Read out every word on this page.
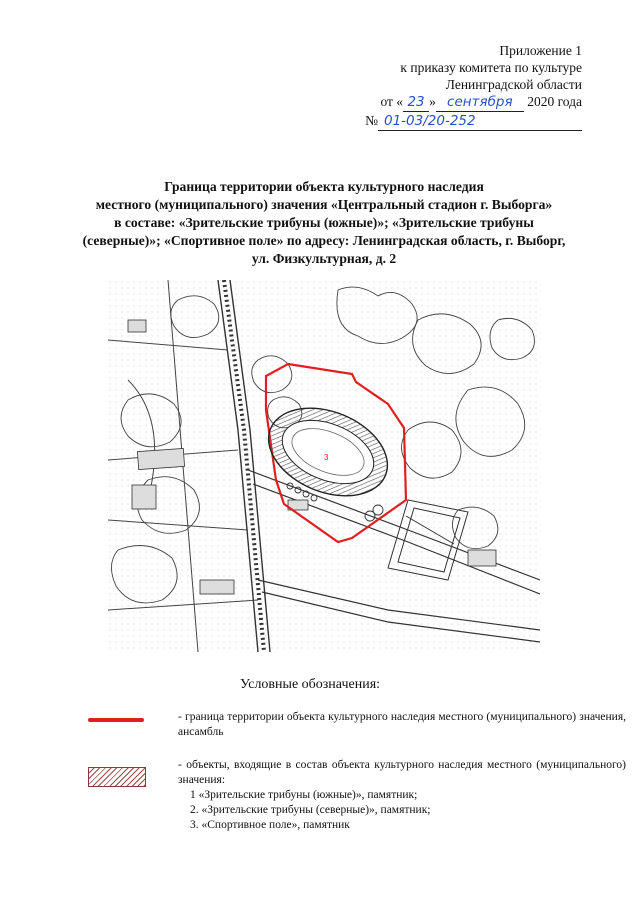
Приложение 1
к приказу комитета по культуре
Ленинградской области
от « 23 » сентября 2020 года
№ 01-03/20-252
Граница территории объекта культурного наследия
местного (муниципального) значения «Центральный стадион г. Выборга»
в составе: «Зрительские трибуны (южные)»; «Зрительские трибуны
(северные)»; «Спортивное поле» по адресу: Ленинградская область, г. Выборг,
ул. Физкультурная, д. 2
3
Условные обозначения:
- граница территории объекта культурного наследия местного (муниципального) значения, ансамбль
- объекты, входящие в состав объекта культурного наследия местного (муниципального) значения:
1 «Зрительские трибуны (южные)», памятник;
2. «Зрительские трибуны (северные)», памятник;
3. «Спортивное поле», памятник
